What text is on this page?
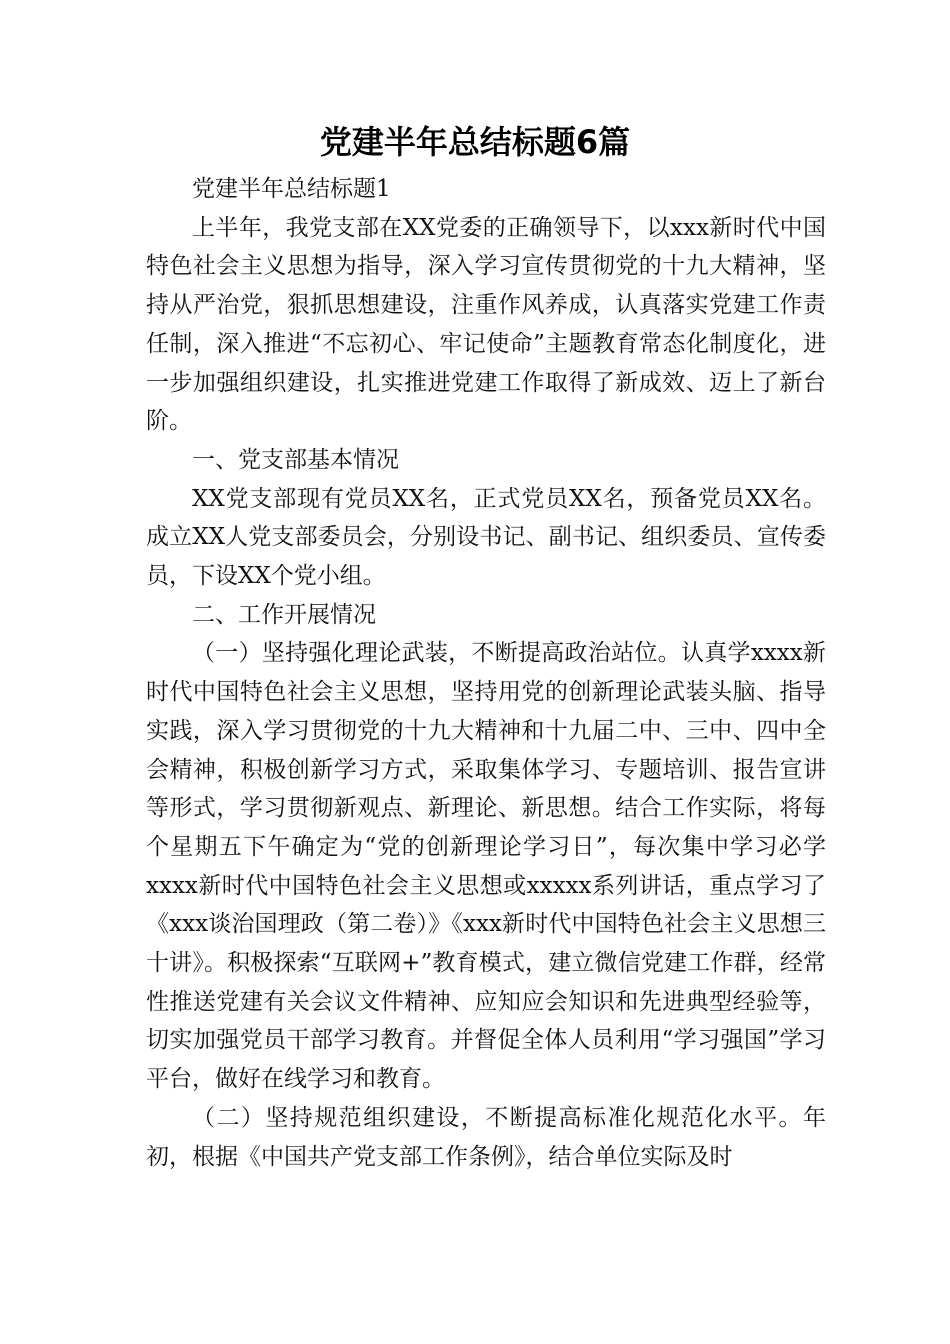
党建半年总结标题6篇

党建半年总结标题1

上半年，我党支部在XX党委的正确领导下，以xxx新时代中国特色社会主义思想为指导，深入学习宣传贯彻党的十九大精神，坚持从严治党，狠抓思想建设，注重作风养成，认真落实党建工作责任制，深入推进“不忘初心、牢记使命”主题教育常态化制度化，进一步加强组织建设，扎实推进党建工作取得了新成效、迈上了新台阶。

一、党支部基本情况

XX党支部现有党员XX名，正式党员XX名，预备党员XX名。成立XX人党支部委员会，分别设书记、副书记、组织委员、宣传委员，下设XX个党小组。

二、工作开展情况

（一）坚持强化理论武装，不断提高政治站位。认真学xxxx新时代中国特色社会主义思想，坚持用党的创新理论武装头脑、指导实践，深入学习贯彻党的十九大精神和十九届二中、三中、四中全会精神，积极创新学习方式，采取集体学习、专题培训、报告宣讲等形式，学习贯彻新观点、新理论、新思想。结合工作实际，将每个星期五下午确定为“党的创新理论学习日”，每次集中学习必学xxxx新时代中国特色社会主义思想或xxxxx系列讲话，重点学习了《xxx谈治国理政（第二卷）》《xxx新时代中国特色社会主义思想三十讲》。积极探索“互联网+”教育模式，建立微信党建工作群，经常性推送党建有关会议文件精神、应知应会知识和先进典型经验等，切实加强党员干部学习教育。并督促全体人员利用“学习强国”学习平台，做好在线学习和教育。

（二）坚持规范组织建设，不断提高标准化规范化水平。年初，根据《中国共产党支部工作条例》，结合单位实际及时
